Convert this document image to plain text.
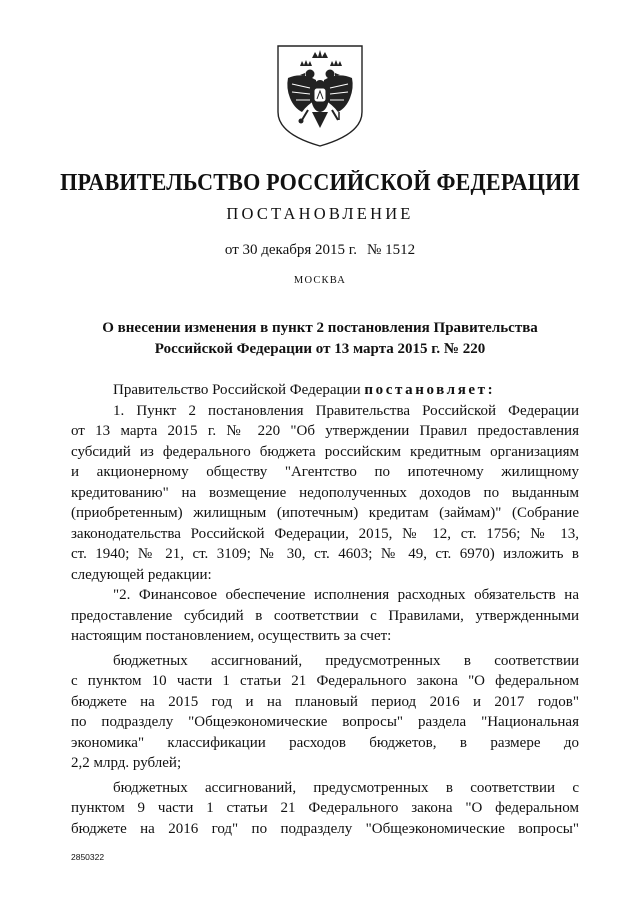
ПРАВИТЕЛЬСТВО РОССИЙСКОЙ ФЕДЕРАЦИИ
ПОСТАНОВЛЕНИЕ
от 30 декабря 2015 г. № 1512
МОСКВА
О внесении изменения в пункт 2 постановления Правительства
Российской Федерации от 13 марта 2015 г. № 220
Правительство Российской Федерации постановляет:
1. Пункт 2 постановления Правительства Российской Федерации
от 13 марта 2015 г. № 220 "Об утверждении Правил предоставления
субсидий из федерального бюджета российским кредитным организациям
и акционерному обществу "Агентство по ипотечному жилищному
кредитованию" на возмещение недополученных доходов по выданным
(приобретенным) жилищным (ипотечным) кредитам (займам)" (Собрание
законодательства Российской Федерации, 2015, № 12, ст. 1756; № 13,
ст. 1940; № 21, ст. 3109; № 30, ст. 4603; № 49, ст. 6970) изложить в
следующей редакции:
"2. Финансовое обеспечение исполнения расходных обязательств на
предоставление субсидий в соответствии с Правилами, утвержденными
настоящим постановлением, осуществить за счет:
бюджетных ассигнований, предусмотренных в соответствии
с пунктом 10 части 1 статьи 21 Федерального закона "О федеральном
бюджете на 2015 год и на плановый период 2016 и 2017 годов"
по подразделу "Общеэкономические вопросы" раздела "Национальная
экономика" классификации расходов бюджетов, в размере до
2,2 млрд. рублей;
бюджетных ассигнований, предусмотренных в соответствии с
пунктом 9 части 1 статьи 21 Федерального закона "О федеральном
бюджете на 2016 год" по подразделу "Общеэкономические вопросы"
2850322
